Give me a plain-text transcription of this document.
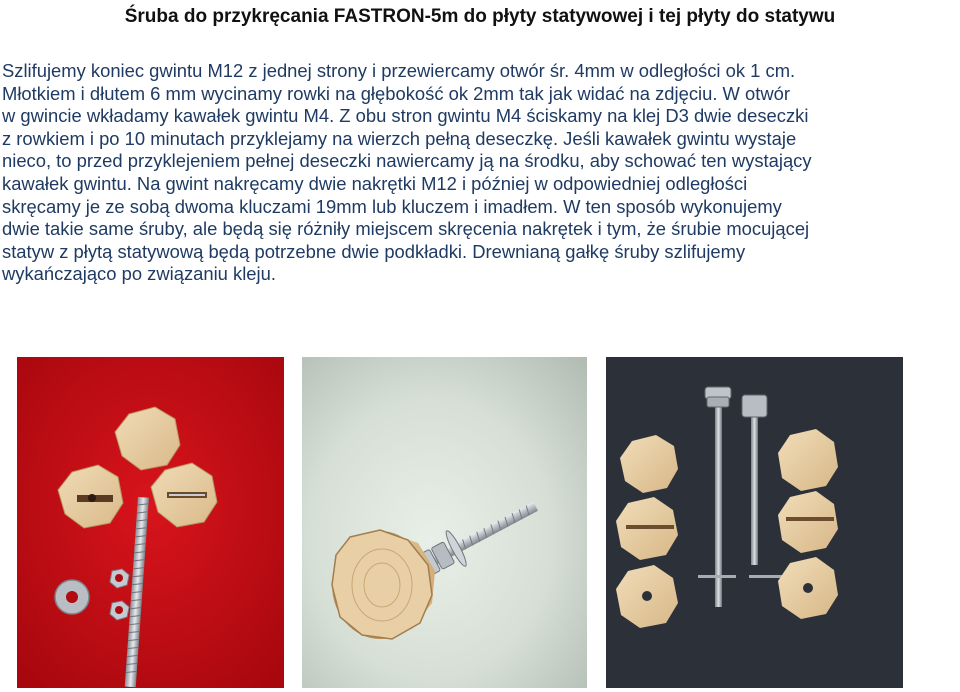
Śruba do przykręcania FASTRON-5m do płyty statywowej i tej płyty do statywu

Szlifujemy koniec gwintu M12 z jednej strony i przewiercamy otwór śr. 4mm w odległości ok 1 cm.
Młotkiem i dłutem 6 mm wycinamy rowki na głębokość ok 2mm tak jak widać na zdjęciu. W otwór
w gwincie wkładamy kawałek gwintu M4. Z obu stron gwintu M4 ściskamy na klej D3 dwie deseczki
z rowkiem i po 10 minutach przyklejamy na wierzch pełną deseczkę. Jeśli kawałek gwintu wystaje
nieco, to przed przyklejeniem pełnej deseczki nawiercamy ją na środku, aby schować ten wystający
kawałek gwintu. Na gwint nakręcamy dwie nakrętki M12 i później w odpowiedniej odległości
skręcamy je ze sobą dwoma kluczami 19mm lub kluczem i imadłem. W ten sposób wykonujemy
dwie takie same śruby, ale będą się różniły miejscem skręcenia nakrętek i tym, że śrubie mocującej
statyw z płytą statywową będą potrzebne dwie podkładki. Drewnianą gałkę śruby szlifujemy
wykańczająco po związaniu kleju.
